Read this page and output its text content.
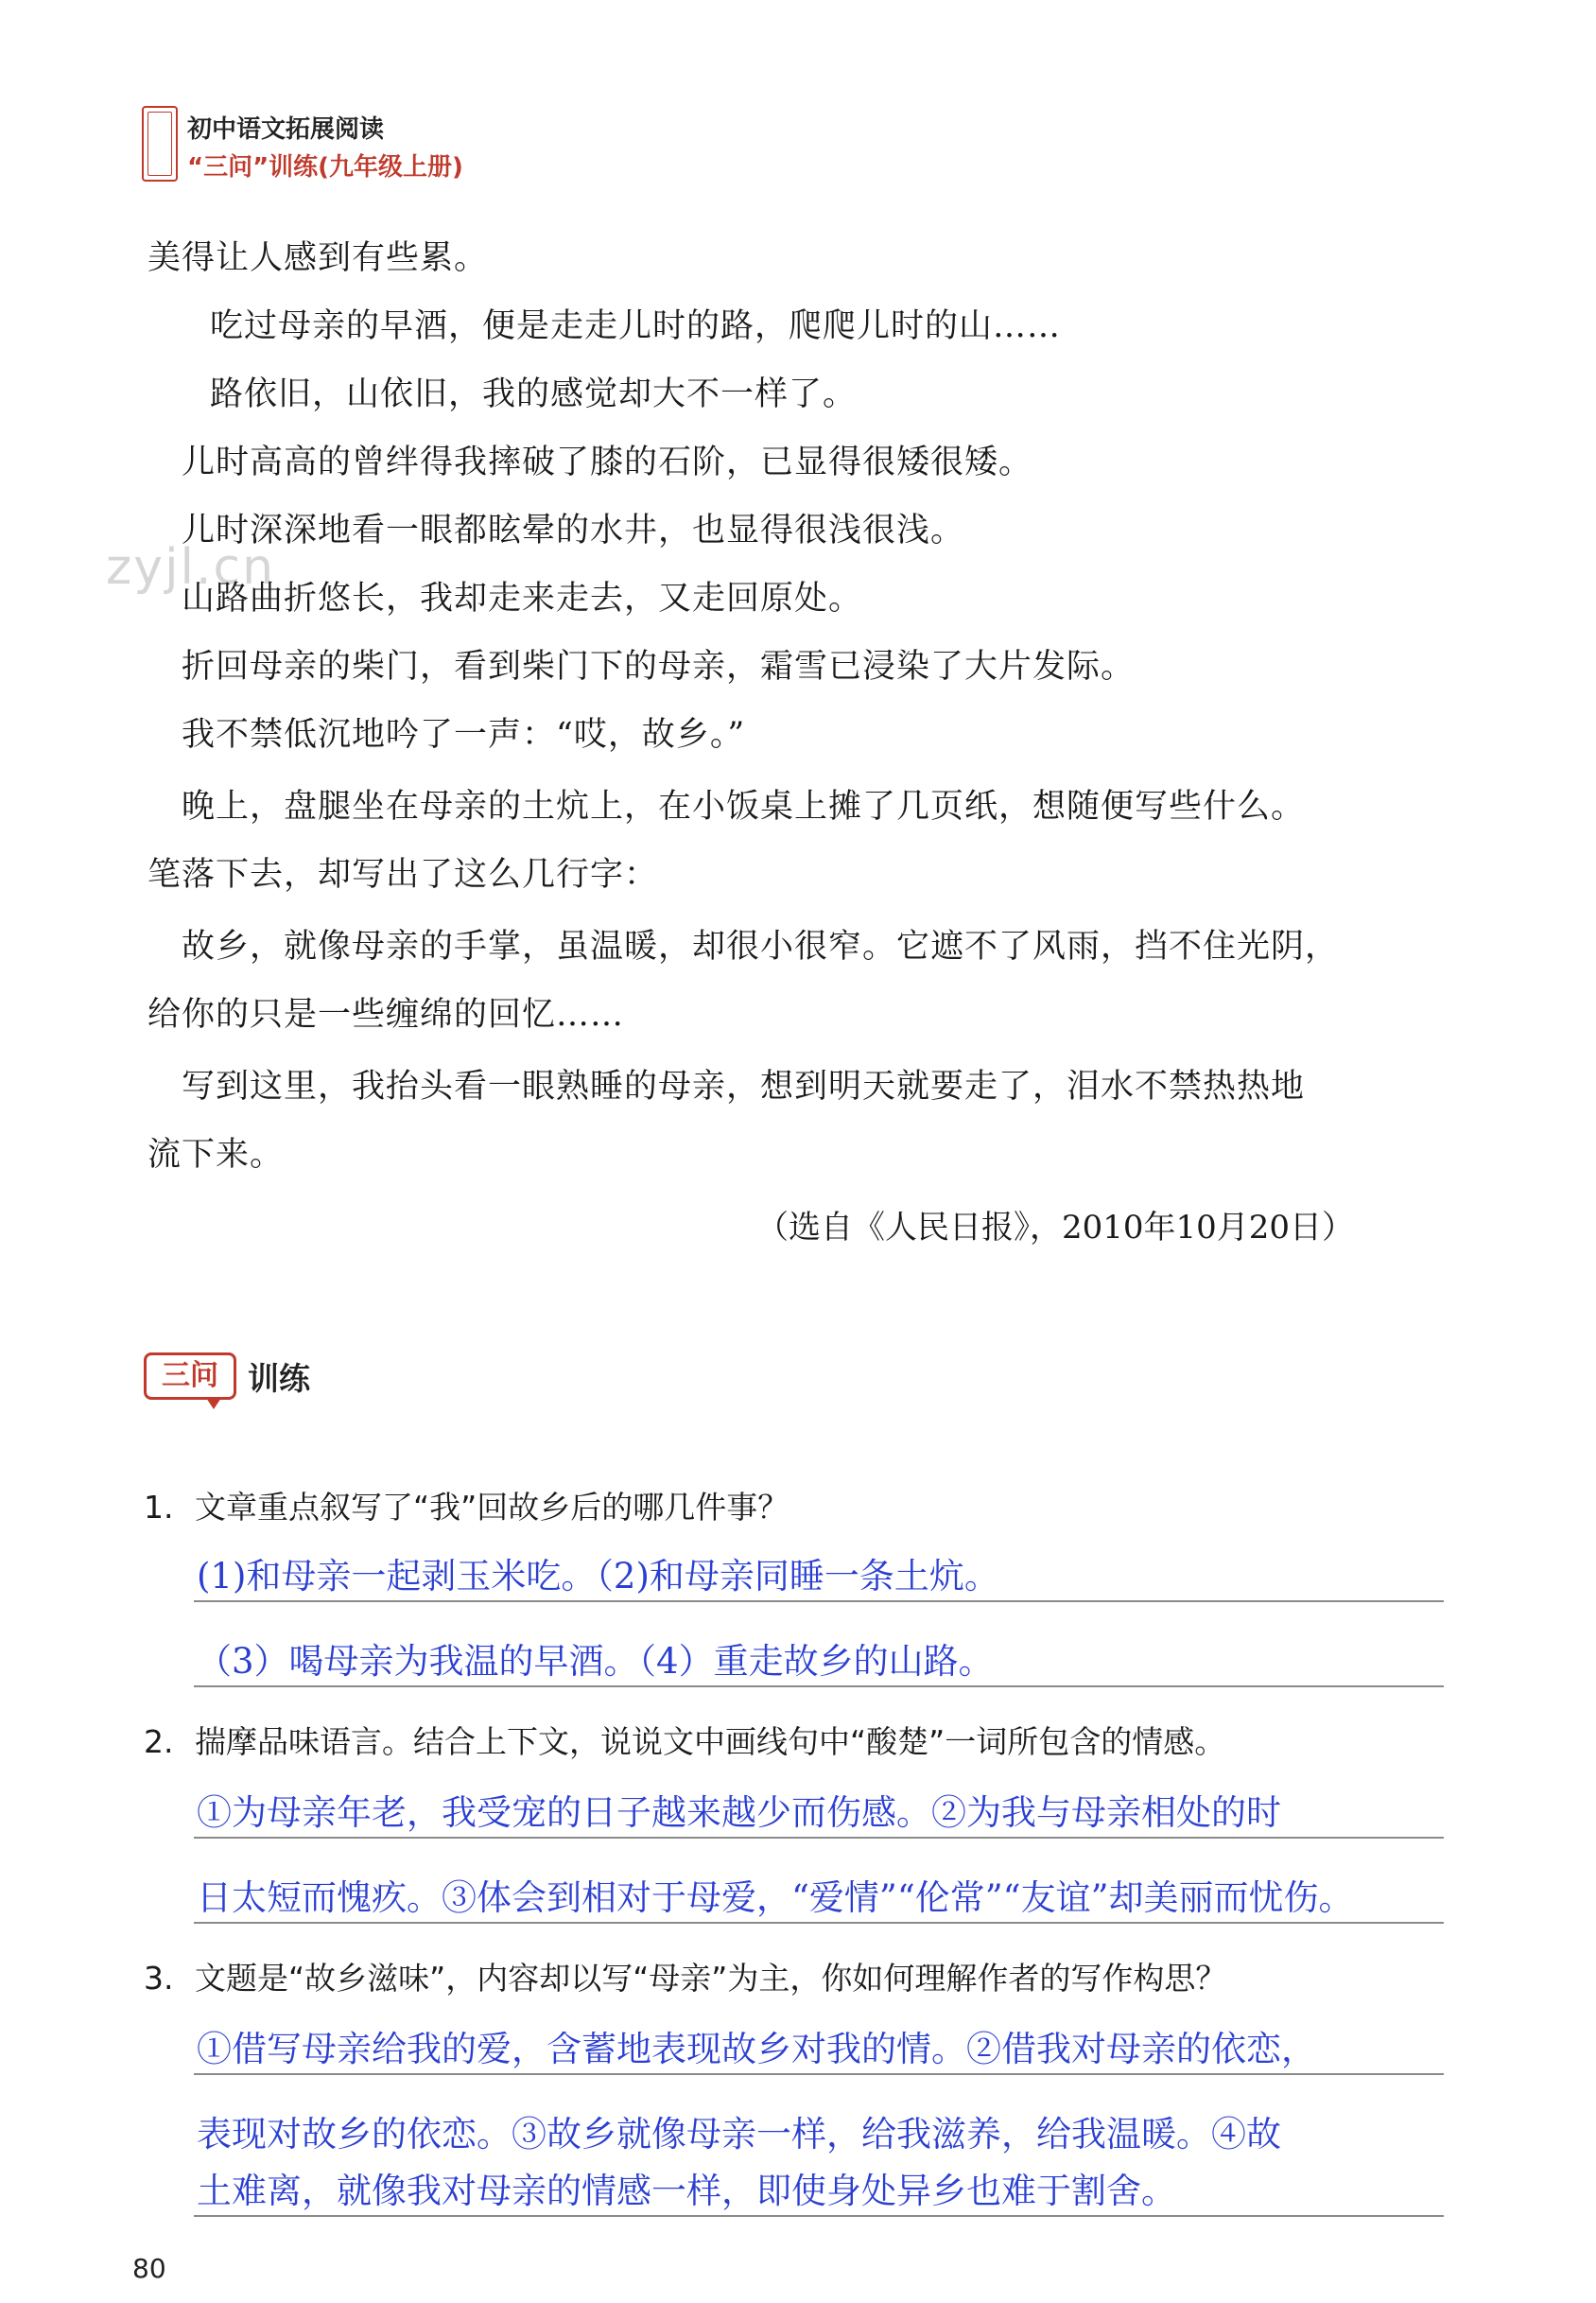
初中语文拓展阅读
“三问”训练(九年级上册)
zyjl.cn
美得让人感到有些累。
吃过母亲的早酒，便是走走儿时的路，爬爬儿时的山……
路依旧，山依旧，我的感觉却大不一样了。
儿时高高的曾绊得我摔破了膝的石阶，已显得很矮很矮。
儿时深深地看一眼都眩晕的水井，也显得很浅很浅。
山路曲折悠长，我却走来走去，又走回原处。
折回母亲的柴门，看到柴门下的母亲，霜雪已浸染了大片发际。
我不禁低沉地吟了一声：“哎，故乡。”
晚上，盘腿坐在母亲的土炕上，在小饭桌上摊了几页纸，想随便写些什么。
笔落下去，却写出了这么几行字：
故乡，就像母亲的手掌，虽温暖，却很小很窄。它遮不了风雨，挡不住光阴，
给你的只是一些缠绵的回忆……
写到这里，我抬头看一眼熟睡的母亲，想到明天就要走了，泪水不禁热热地
流下来。
（选自《人民日报》，2010年10月20日）
三问 训练
1. 文章重点叙写了“我”回故乡后的哪几件事？
(1)和母亲一起剥玉米吃。（2)和母亲同睡一条土炕。
（3）喝母亲为我温的早酒。（4）重走故乡的山路。
2. 揣摩品味语言。结合上下文，说说文中画线句中“酸楚”一词所包含的情感。
①为母亲年老，我受宠的日子越来越少而伤感。②为我与母亲相处的时
日太短而愧疚。③体会到相对于母爱，“爱情”“伦常”“友谊”却美丽而忧伤。
3. 文题是“故乡滋味”，内容却以写“母亲”为主，你如何理解作者的写作构思？
①借写母亲给我的爱，含蓄地表现故乡对我的情。②借我对母亲的依恋，
表现对故乡的依恋。③故乡就像母亲一样，给我滋养，给我温暖。④故
土难离，就像我对母亲的情感一样，即使身处异乡也难于割舍。
80
